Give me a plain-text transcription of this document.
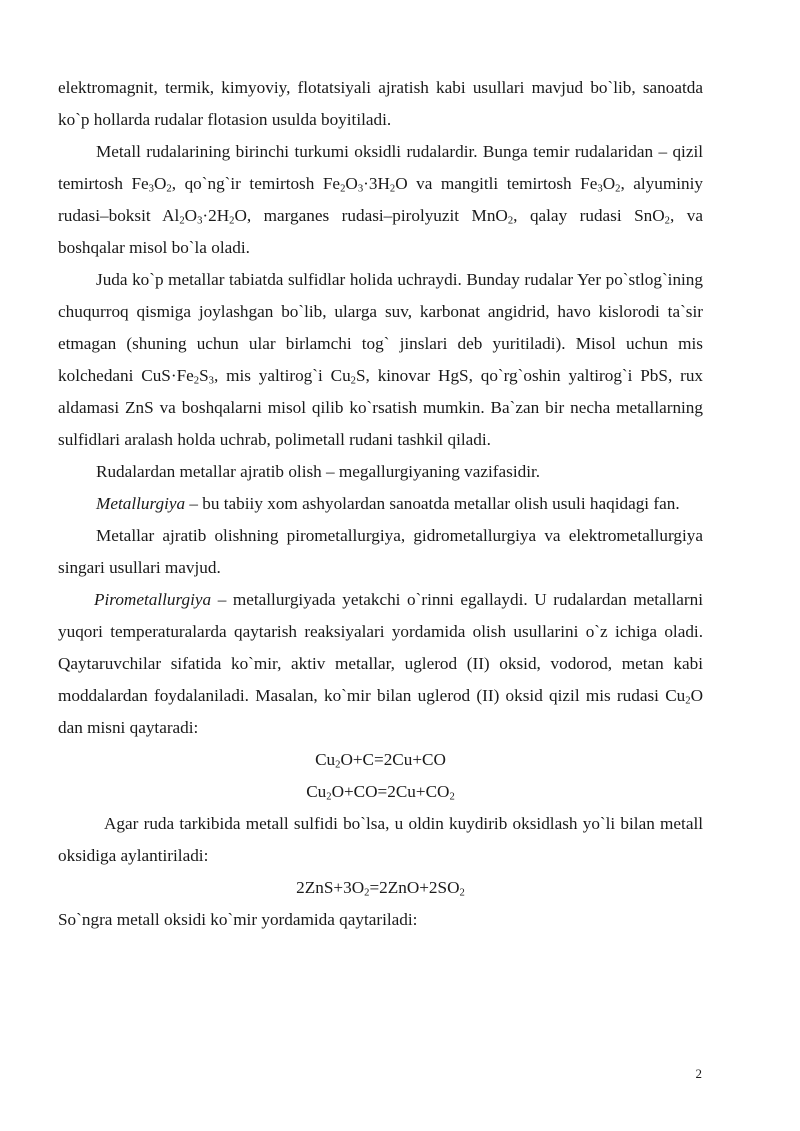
elektromagnit, termik, kimyoviy, flotatsiyali ajratish kabi usullari mavjud bo`lib, sanoatda ko`p hollarda rudalar flotasion usulda boyitiladi.

Metall rudalarining birinchi turkumi oksidli rudalardir. Bunga temir rudalaridan – qizil temirtosh $Fe_3O_2$, qo`ng`ir temirtosh $Fe_2O_3\cdot 3H_2O$ va mangitli temirtosh $Fe_3O_2$, alyuminiy rudasi–boksit $Al_2O_3\cdot 2H_2O$, marganes rudasi–pirolyuzit MnO$_2$, qalay rudasi SnO$_2$, va boshqalar misol bo`la oladi.

Juda ko`p metallar tabiatda sulfidlar holida uchraydi. Bunday rudalar Yer po`stlog`ining chuqurroq qismiga joylashgan bo`lib, ularga suv, karbonat angidrid, havo kislorodi ta`sir etmagan (shuning uchun ular birlamchi tog` jinslari deb yuritiladi). Misol uchun mis kolchedani $CuS\cdot Fe_2S_3$, mis yaltirog`i $Cu_2S$, kinovar HgS, qo`rg`oshin yaltirog`i PbS, rux aldamasi ZnS va boshqalarni misol qilib ko`rsatish mumkin. Ba`zan bir necha metallarning sulfidlari aralash holda uchrab, polimetall rudani tashkil qiladi.

Rudalardan metallar ajratib olish – megallurgiyaning vazifasidir.

Metallurgiya – bu tabiiy xom ashyolardan sanoatda metallar olish usuli haqidagi fan.

Metallar ajratib olishning pirometallurgiya, gidrometallurgiya va elektrometallurgiya singari usullari mavjud.

Pirometallurgiya – metallurgiyada yetakchi o`rinni egallaydi. U rudalardan metallarni yuqori temperaturalarda qaytarish reaksiyalari yordamida olish usullarini o`z ichiga oladi. Qaytaruvchilar sifatida ko`mir, aktiv metallar, uglerod (II) oksid, vodorod, metan kabi moddalardan foydalaniladi. Masalan, ko`mir bilan uglerod (II) oksid qizil mis rudasi $Cu_2O$ dan misni qaytaradi:

$Cu_2O+C=2Cu+CO$

$Cu_2O+CO=2Cu+CO_2$

Agar ruda tarkibida metall sulfidi bo`lsa, u oldin kuydirib oksidlash yo`li bilan metall oksidiga aylantiriladi:

$2ZnS+3O_2=2ZnO+2SO_2$

So`ngra metall oksidi ko`mir yordamida qaytariladi:

2
